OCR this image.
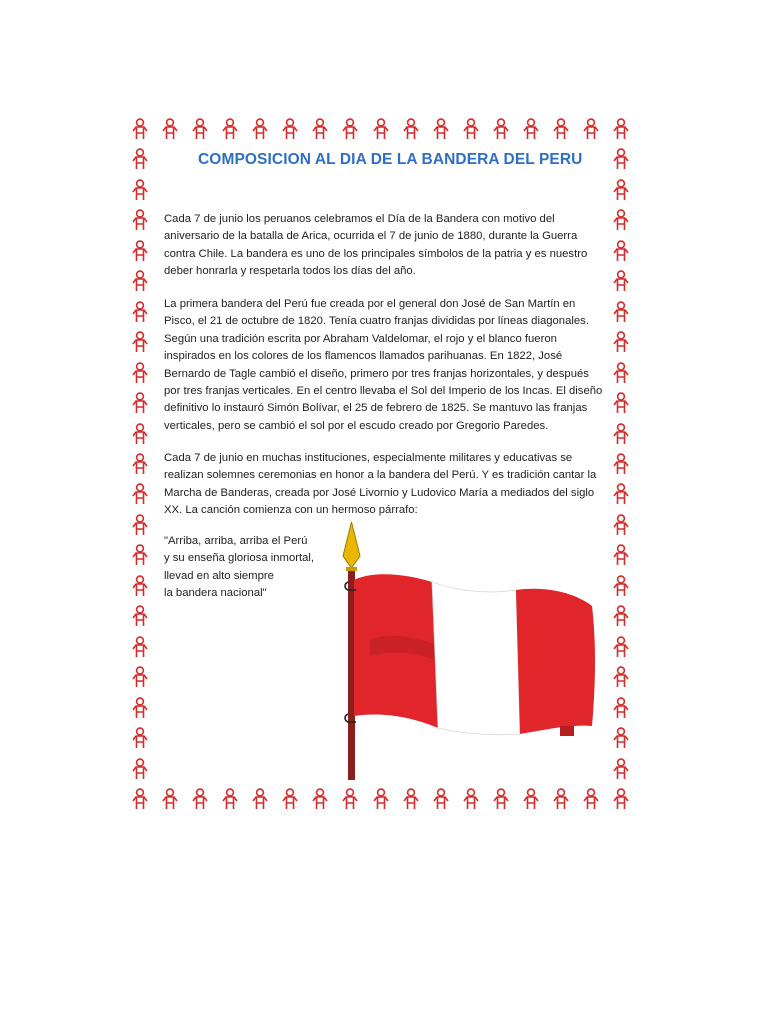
COMPOSICION AL DIA DE LA BANDERA DEL PERU

Cada 7 de junio los peruanos celebramos el Día de la Bandera con motivo del aniversario de la batalla de Arica, ocurrida el 7 de junio de 1880, durante la Guerra contra Chile. La bandera es uno de los principales símbolos de la patria y es nuestro deber honrarla y respetarla todos los días del año.

La primera bandera del Perú fue creada por el general don José de San Martín en Pisco, el 21 de octubre de 1820. Tenía cuatro franjas divididas por líneas diagonales. Según una tradición escrita por Abraham Valdelomar, el rojo y el blanco fueron inspirados en los colores de los flamencos llamados parihuanas. En 1822, José Bernardo de Tagle cambió el diseño, primero por tres franjas horizontales, y después por tres franjas verticales. En el centro llevaba el Sol del Imperio de los Incas. El diseño definitivo lo instauró Simón Bolívar, el 25 de febrero de 1825. Se mantuvo las franjas verticales, pero se cambió el sol por el escudo creado por Gregorio Paredes.

Cada 7 de junio en muchas instituciones, especialmente militares y educativas se realizan solemnes ceremonias en honor a la bandera del Perú. Y es tradición cantar la Marcha de Banderas, creada por José Livornio y Ludovico María a mediados del siglo XX. La canción comienza con un hermoso párrafo:

"Arriba, arriba, arriba el Perú
y su enseña gloriosa inmortal,
llevad en alto siempre
la bandera nacional"
